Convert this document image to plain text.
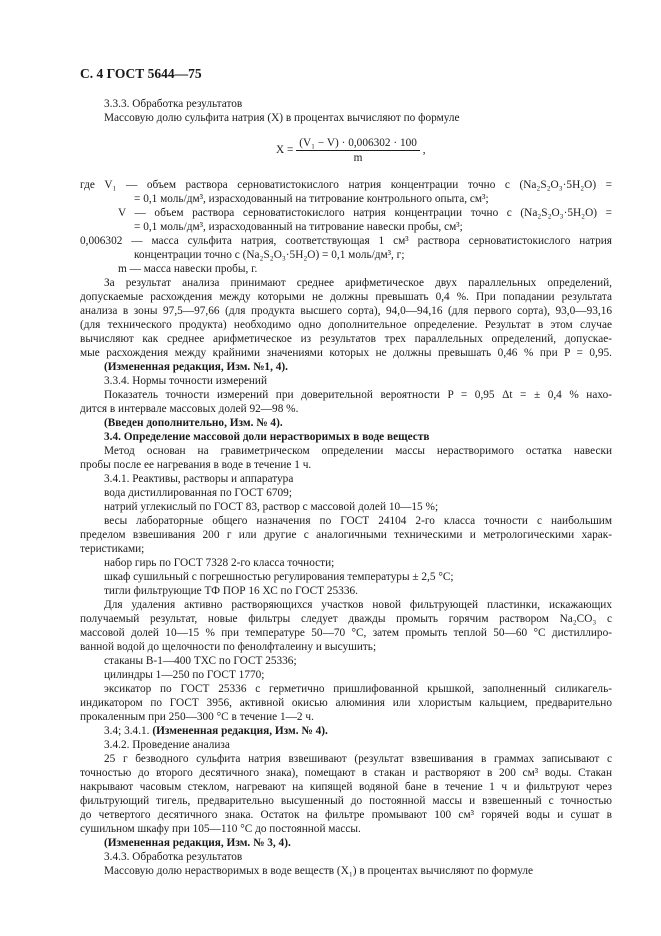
С. 4 ГОСТ 5644—75
3.3.3. Обработка результатов
Массовую долю сульфита натрия (X) в процентах вычисляют по формуле
$X = \frac{\text{(V₁ − V) · 0,006302 · 100}}{m}$ ,
где V₁ — объем раствора серноватистокислого натрия концентрации точно c (Na₂S₂O₃·5H₂O) =
= 0,1 моль/дм³, израсходованный на титрование контрольного опыта, см³;
V — объем раствора серноватистокислого натрия концентрации точно c (Na₂S₂O₃·5H₂O) =
= 0,1 моль/дм³, израсходованный на титрование навески пробы, см³;
0,006302 — масса сульфита натрия, соответствующая 1 см³ раствора серноватистокислого натрия
концентрации точно c (Na₂S₂O₃·5H₂O) = 0,1 моль/дм³, г;
m — масса навески пробы, г.
За результат анализа принимают среднее арифметическое двух параллельных определений,
допускаемые расхождения между которыми не должны превышать 0,4 %. При попадании результата
анализа в зоны 97,5—97,66 (для продукта высшего сорта), 94,0—94,16 (для первого сорта), 93,0—93,16
(для технического продукта) необходимо одно дополнительное определение. Результат в этом случае
вычисляют как среднее арифметическое из результатов трех параллельных определений, допускае-
мые расхождения между крайними значениями которых не должны превышать 0,46 % при P = 0,95.
(Измененная редакция, Изм. №1, 4).
3.3.4. Нормы точности измерений
Показатель точности измерений при доверительной вероятности P = 0,95 Δt = ± 0,4 % нахо-
дится в интервале массовых долей 92—98 %.
(Введен дополнительно, Изм. № 4).
3.4. Определение массовой доли нерастворимых в воде веществ
Метод основан на гравиметрическом определении массы нерастворимого остатка навески
пробы после ее нагревания в воде в течение 1 ч.
3.4.1. Реактивы, растворы и аппаратура
вода дистиллированная по ГОСТ 6709;
натрий углекислый по ГОСТ 83, раствор с массовой долей 10—15 %;
весы лабораторные общего назначения по ГОСТ 24104 2-го класса точности с наибольшим
пределом взвешивания 200 г или другие с аналогичными техническими и метрологическими харак-
теристиками;
набор гирь по ГОСТ 7328 2-го класса точности;
шкаф сушильный с погрешностью регулирования температуры ± 2,5 °С;
тигли фильтрующие ТФ ПОР 16 ХС по ГОСТ 25336.
Для удаления активно растворяющихся участков новой фильтрующей пластинки, искажающих
получаемый результат, новые фильтры следует дважды промыть горячим раствором Na₂CO₃ с
массовой долей 10—15 % при температуре 50—70 °С, затем промыть теплой 50—60 °С дистиллиро-
ванной водой до щелочности по фенолфталеину и высушить;
стаканы В-1—400 ТХС по ГОСТ 25336;
цилиндры 1—250 по ГОСТ 1770;
эксикатор по ГОСТ 25336 с герметично пришлифованной крышкой, заполненный силикагель-
индикатором по ГОСТ 3956, активной окисью алюминия или хлористым кальцием, предварительно
прокаленным при 250—300 °С в течение 1—2 ч.
3.4; 3.4.1. (Измененная редакция, Изм. № 4).
3.4.2. Проведение анализа
25 г безводного сульфита натрия взвешивают (результат взвешивания в граммах записывают с
точностью до второго десятичного знака), помещают в стакан и растворяют в 200 см³ воды. Стакан
накрывают часовым стеклом, нагревают на кипящей водяной бане в течение 1 ч и фильтруют через
фильтрующий тигель, предварительно высушенный до постоянной массы и взвешенный с точностью
до четвертого десятичного знака. Остаток на фильтре промывают 100 см³ горячей воды и сушат в
сушильном шкафу при 105—110 °С до постоянной массы.
(Измененная редакция, Изм. № 3, 4).
3.4.3. Обработка результатов
Массовую долю нерастворимых в воде веществ (X₁) в процентах вычисляют по формуле
